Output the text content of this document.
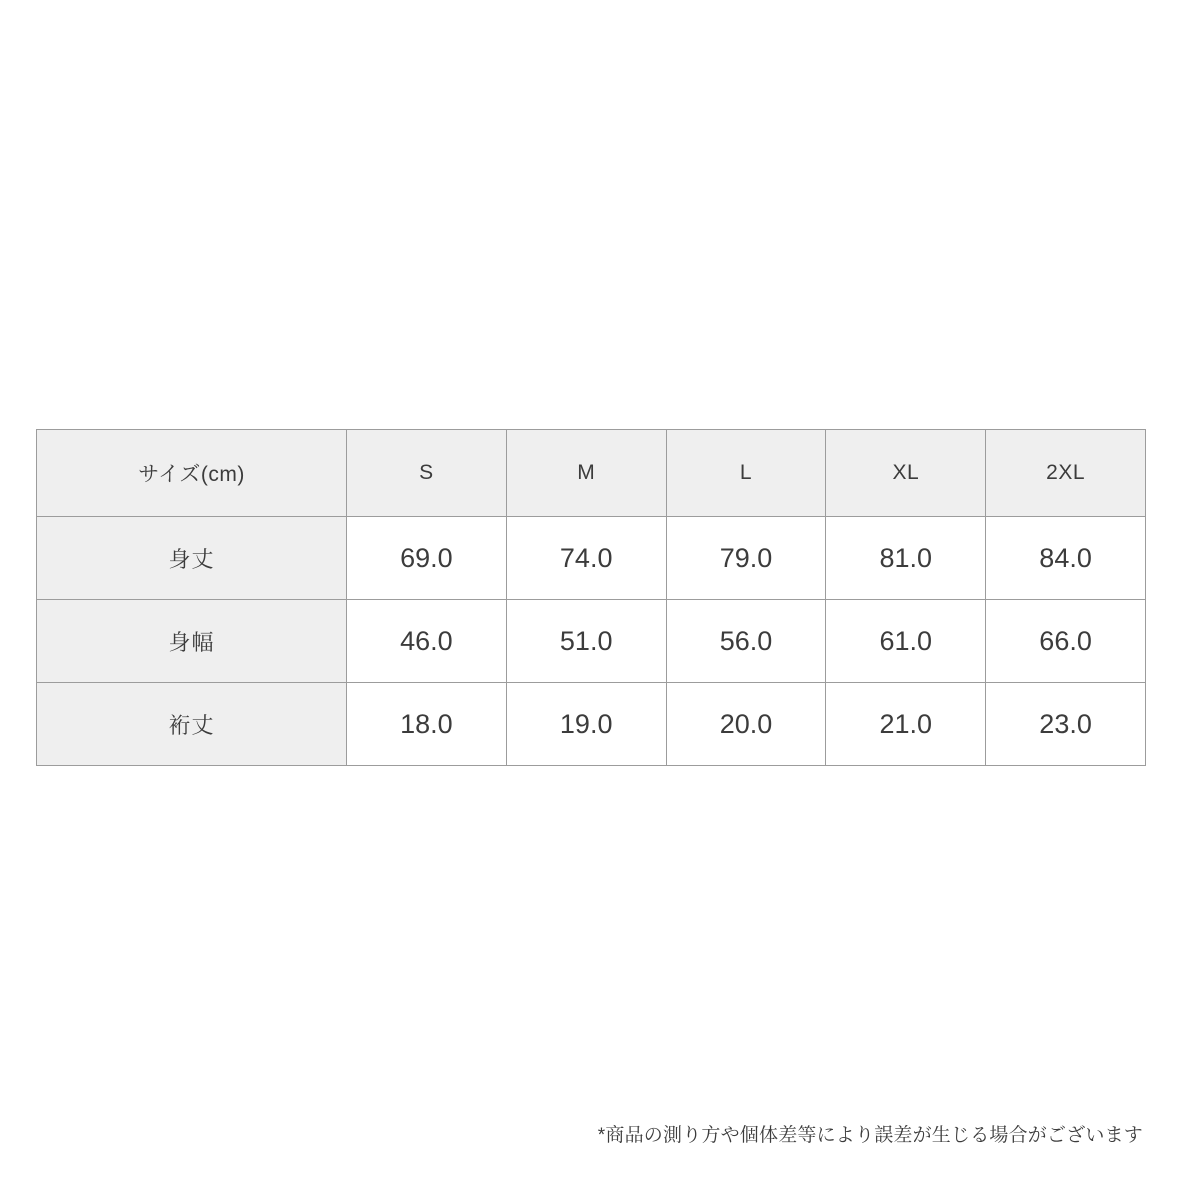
サイズ(cm)	S	M	L	XL	2XL
身丈	69.0	74.0	79.0	81.0	84.0
身幅	46.0	51.0	56.0	61.0	66.0
裄丈	18.0	19.0	20.0	21.0	23.0
*商品の測り方や個体差等により誤差が生じる場合がございます
